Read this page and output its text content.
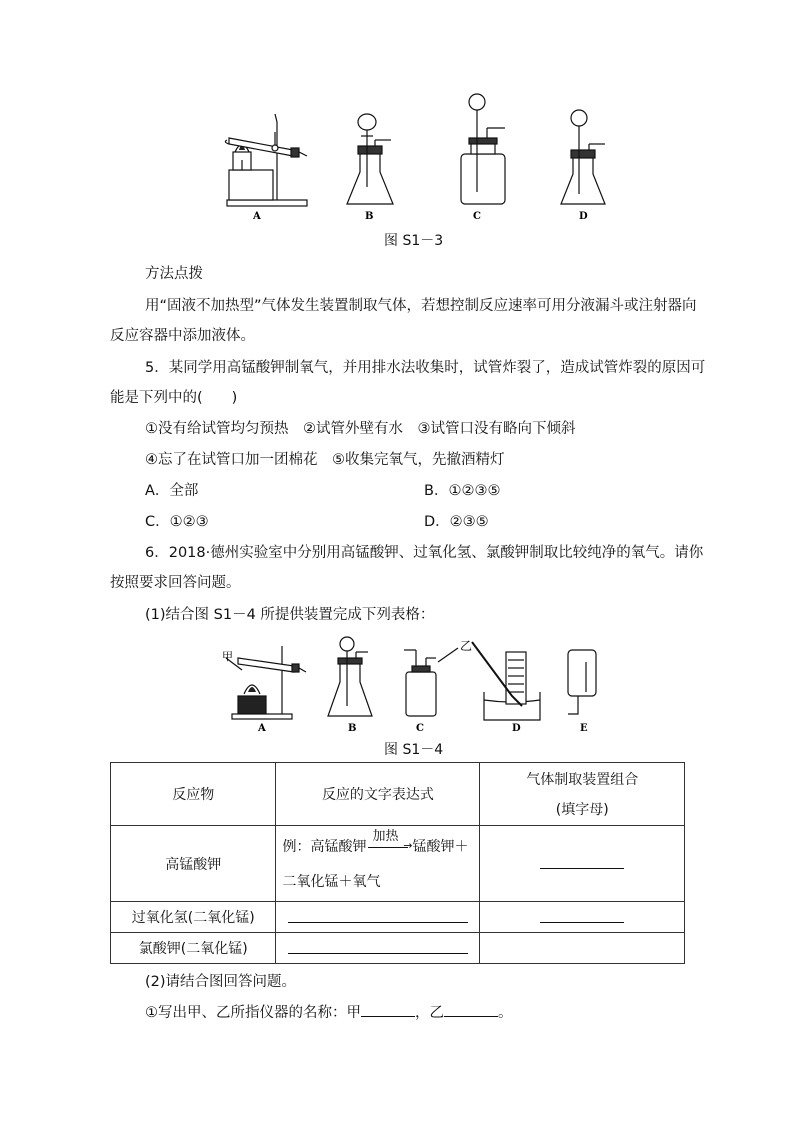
A	B	C	D
图 S1－3
方法点拨
用“固液不加热型”气体发生装置制取气体，若想控制反应速率可用分液漏斗或注射器向
反应容器中添加液体。
5．某同学用高锰酸钾制氧气，并用排水法收集时，试管炸裂了，造成试管炸裂的原因可
能是下列中的(　　)
①没有给试管均匀预热　②试管外壁有水　③试管口没有略向下倾斜
④忘了在试管口加一团棉花　⑤收集完氧气，先撤酒精灯
A．全部	B．①②③⑤
C．①②③	D．②③⑤
6．2018·德州实验室中分别用高锰酸钾、过氧化氢、氯酸钾制取比较纯净的氧气。请你
按照要求回答问题。
(1)结合图 S1－4 所提供装置完成下列表格：
A	B	C	D	E
甲
乙
图 S1－4
反应物	反应的文字表达式	气体制取装置组合
(填字母)

高锰酸钾	例：高锰酸钾
加热
→ 锰酸钾＋
二氧化锰＋氧气	

过氧化氢(二氧化锰)		
氯酸钾(二氧化锰)		
(2)请结合图回答问题。
①写出甲、乙所指仪器的名称：甲	，乙	。
